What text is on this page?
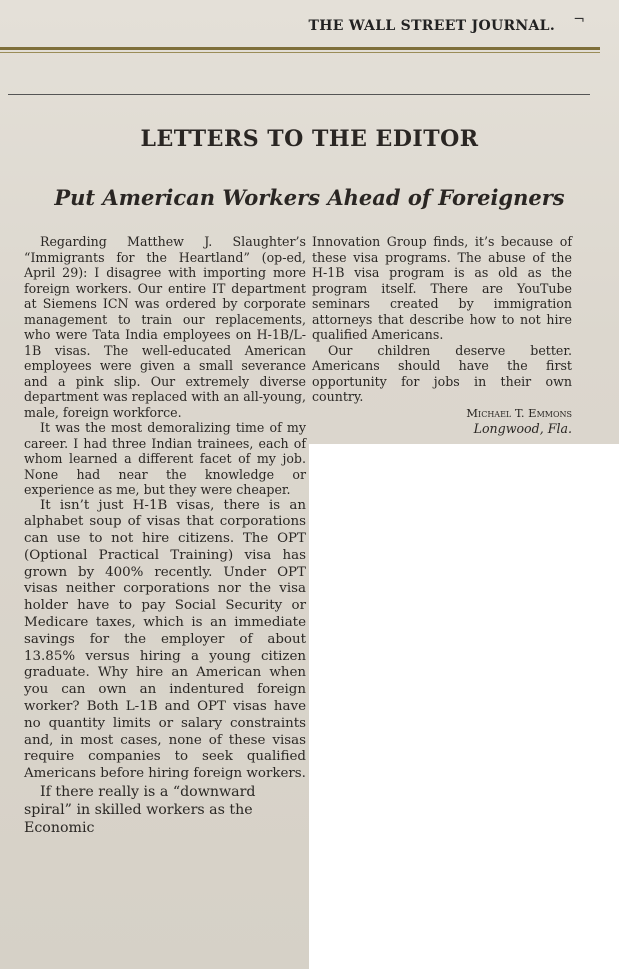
¬
THE WALL STREET JOURNAL.
LETTERS TO THE EDITOR
Put American Workers Ahead of Foreigners

Regarding Matthew J. Slaughter’s “Immigrants for the Heartland” (op-ed, April 29): I disagree with importing more foreign workers. Our entire IT department at Siemens ICN was ordered by corporate management to train our replacements, who were Tata India employees on H-1B/L-1B visas. The well-educated American employees were given a small severance and a pink slip. Our extremely diverse department was replaced with an all-young, male, foreign workforce.

It was the most demoralizing time of my career. I had three Indian trainees, each of whom learned a different facet of my job. None had near the knowledge or experience as me, but they were cheaper.

It isn’t just H-1B visas, there is an alphabet soup of visas that corporations can use to not hire citizens. The OPT (Optional Practical Training) visa has grown by 400% recently. Under OPT visas neither corporations nor the visa holder have to pay Social Security or Medicare taxes, which is an immediate savings for the employer of about 13.85% versus hiring a young citizen graduate. Why hire an American when you can own an indentured foreign worker? Both L-1B and OPT visas have no quantity limits or salary constraints and, in most cases, none of these visas require companies to seek qualified Americans before hiring foreign workers.

If there really is a “downward spiral” in skilled workers as the Economic

Innovation Group finds, it’s because of these visa programs. The abuse of the H-1B visa program is as old as the program itself. There are YouTube seminars created by immigration attorneys that describe how to not hire qualified Americans.

Our children deserve better. Americans should have the first opportunity for jobs in their own country.

Michael T. Emmons
Longwood, Fla.
